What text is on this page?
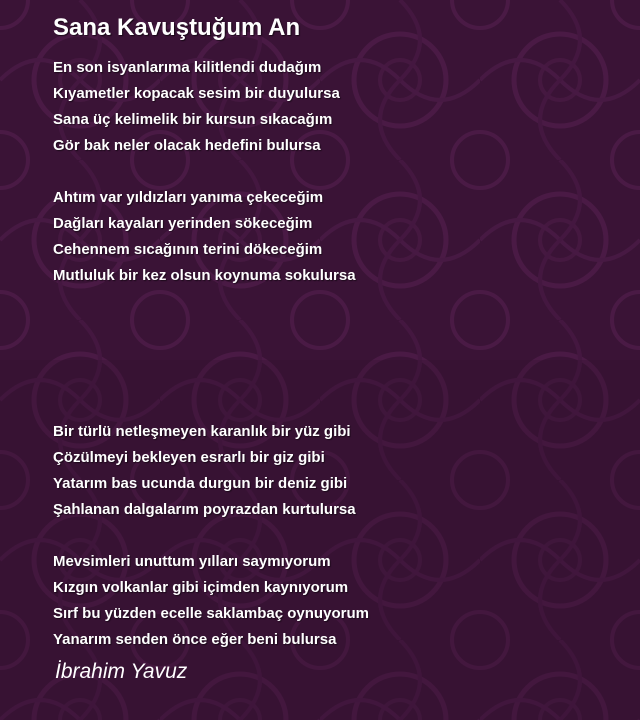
Sana Kavuştuğum An
En son isyanlarıma kilitlendi dudağım
Kıyametler kopacak sesim bir duyulursa
Sana üç kelimelik bir kursun sıkacağım
Gör bak neler olacak hedefini bulursa
Ahtım var yıldızları yanıma çekeceğim
Dağları kayaları yerinden sökeceğim
Cehennem sıcağının terini dökeceğim
Mutluluk bir kez olsun koynuma sokulursa
Bir türlü netleşmeyen karanlık bir yüz gibi
Çözülmeyi bekleyen esrarlı bir giz gibi
Yatarım bas ucunda durgun bir deniz gibi
Şahlanan dalgalarım poyrazdan kurtulursa
Mevsimleri unuttum yılları saymıyorum
Kızgın volkanlar gibi içimden kaynıyorum
Sırf bu yüzden ecelle saklambaç oynuyorum
Yanarım senden önce eğer beni bulursa
İbrahim Yavuz
